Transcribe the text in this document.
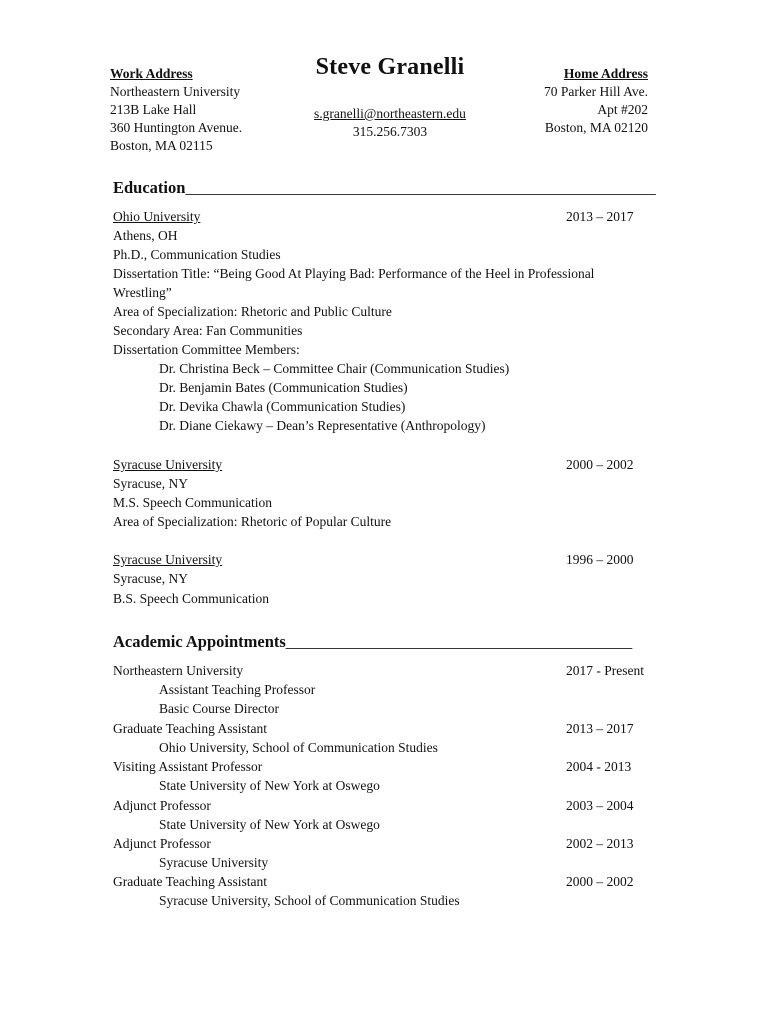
Work Address
Northeastern University
213B Lake Hall
360 Huntington Avenue.
Boston, MA 02115
Steve Granelli
s.granelli@northeastern.edu
315.256.7303
Home Address
70 Parker Hill Ave.
Apt #202
Boston, MA 02120
Education_________________________________________________________
Ohio University	2013 – 2017
Athens, OH
Ph.D., Communication Studies
Dissertation Title: “Being Good At Playing Bad: Performance of the Heel in Professional
Wrestling”
Area of Specialization: Rhetoric and Public Culture
Secondary Area: Fan Communities
Dissertation Committee Members:
Dr. Christina Beck – Committee Chair (Communication Studies)
Dr. Benjamin Bates (Communication Studies)
Dr. Devika Chawla (Communication Studies)
Dr. Diane Ciekawy – Dean’s Representative (Anthropology)
Syracuse University	2000 – 2002
Syracuse, NY
M.S. Speech Communication
Area of Specialization: Rhetoric of Popular Culture
Syracuse University	1996 – 2000
Syracuse, NY
B.S. Speech Communication
Academic Appointments__________________________________________
Northeastern University	2017 - Present
Assistant Teaching Professor
Basic Course Director
Graduate Teaching Assistant	2013 – 2017
Ohio University, School of Communication Studies
Visiting Assistant Professor	2004 - 2013
State University of New York at Oswego
Adjunct Professor	2003 – 2004
State University of New York at Oswego
Adjunct Professor	2002 – 2013
Syracuse University
Graduate Teaching Assistant	2000 – 2002
Syracuse University, School of Communication Studies
